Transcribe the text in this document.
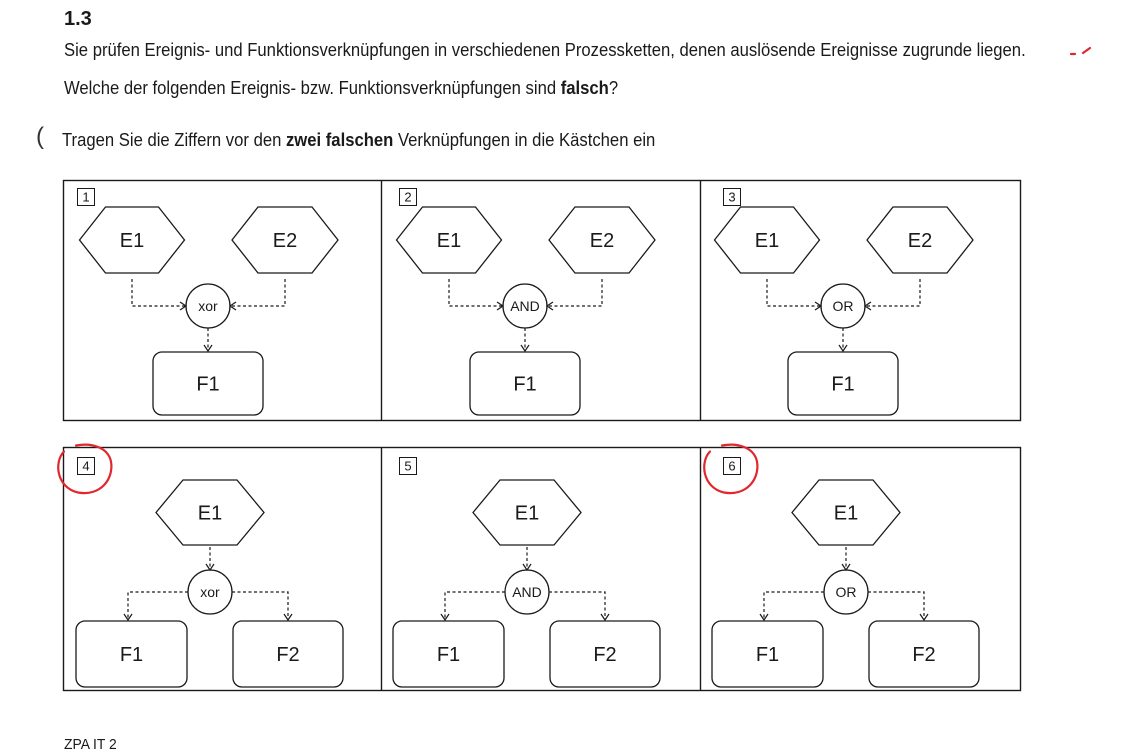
E1	E2
xor
F1
1
E1	E2
AND
F1
2
E1	E2
OR
F1
3
E1
xor
F1	F2
4
E1
AND
F1	F2
5
E1
OR
F1	F2
6
1.3
Sie prüfen Ereignis- und Funktionsverknüpfungen in verschiedenen Prozessketten, denen auslösende Ereignisse zugrunde liegen.
Welche der folgenden Ereignis- bzw. Funktionsverknüpfungen sind falsch?
( Tragen Sie die Ziffern vor den zwei falschen Verknüpfungen in die Kästchen ein
ZPA IT 2
